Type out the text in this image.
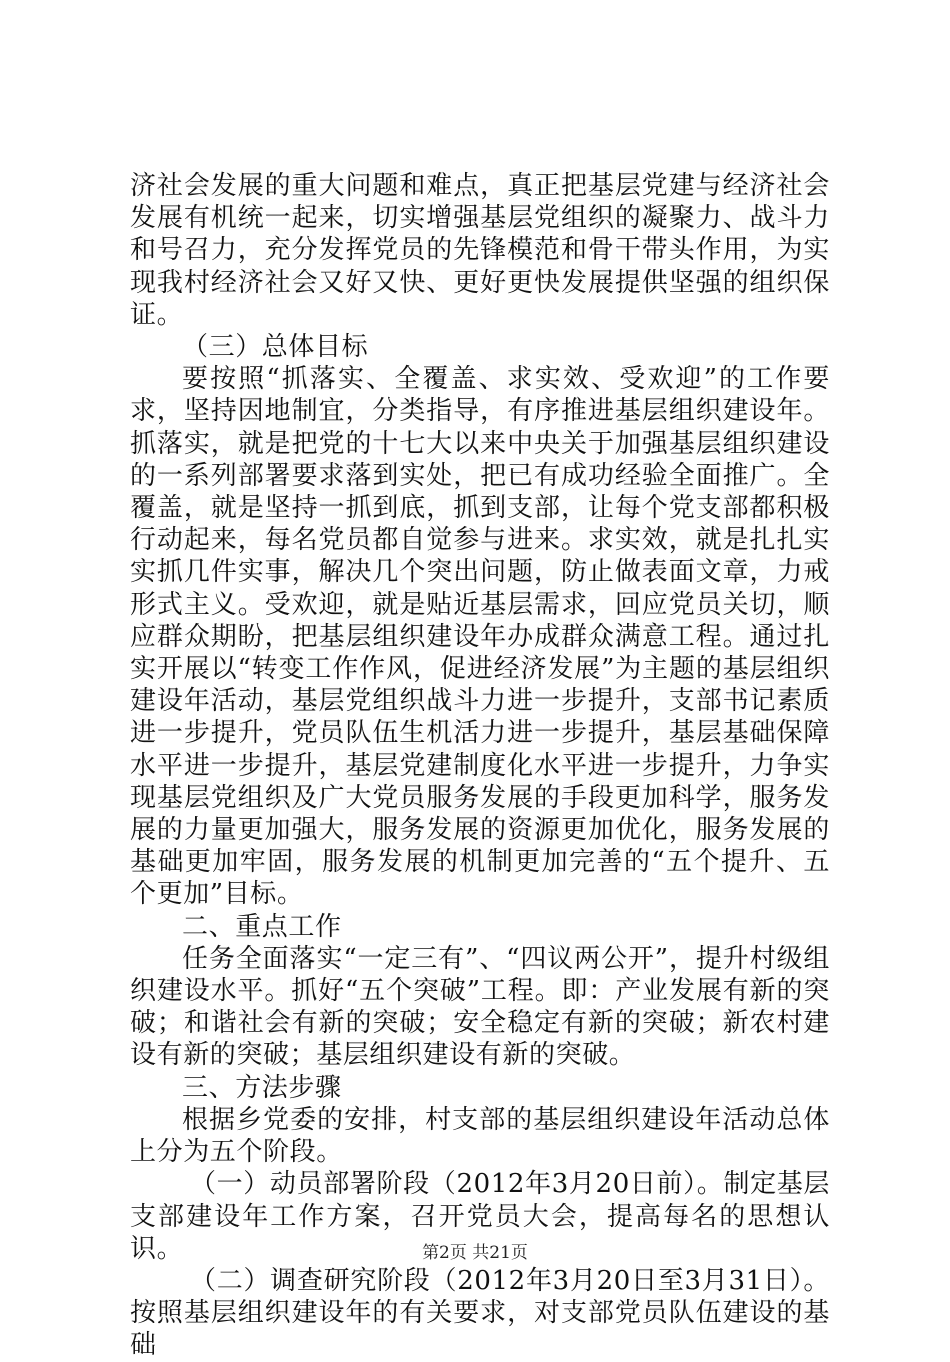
济社会发展的重大问题和难点，真正把基层党建与经济社会发展有机统一起来，切实增强基层党组织的凝聚力、战斗力和号召力，充分发挥党员的先锋模范和骨干带头作用，为实现我村经济社会又好又快、更好更快发展提供坚强的组织保证。

（三）总体目标

要按照“抓落实、全覆盖、求实效、受欢迎”的工作要求，坚持因地制宜，分类指导，有序推进基层组织建设年。抓落实，就是把党的十七大以来中央关于加强基层组织建设的一系列部署要求落到实处，把已有成功经验全面推广。全覆盖，就是坚持一抓到底，抓到支部，让每个党支部都积极行动起来，每名党员都自觉参与进来。求实效，就是扎扎实实抓几件实事，解决几个突出问题，防止做表面文章，力戒形式主义。受欢迎，就是贴近基层需求，回应党员关切，顺应群众期盼，把基层组织建设年办成群众满意工程。通过扎实开展以“转变工作作风，促进经济发展”为主题的基层组织建设年活动，基层党组织战斗力进一步提升，支部书记素质进一步提升，党员队伍生机活力进一步提升，基层基础保障水平进一步提升，基层党建制度化水平进一步提升，力争实现基层党组织及广大党员服务发展的手段更加科学，服务发展的力量更加强大，服务发展的资源更加优化，服务发展的基础更加牢固，服务发展的机制更加完善的“五个提升、五个更加”目标。

二、重点工作

任务全面落实“一定三有”、“四议两公开”，提升村级组织建设水平。抓好“五个突破”工程。即：产业发展有新的突破；和谐社会有新的突破；安全稳定有新的突破；新农村建设有新的突破；基层组织建设有新的突破。

三、方法步骤

根据乡党委的安排，村支部的基层组织建设年活动总体上分为五个阶段。

（一）动员部署阶段（2012年3月20日前）。制定基层支部建设年工作方案，召开党员大会，提高每名的思想认识。

（二）调查研究阶段（2012年3月20日至3月31日）。按照基层组织建设年的有关要求，对支部党员队伍建设的基础

第2页 共21页
